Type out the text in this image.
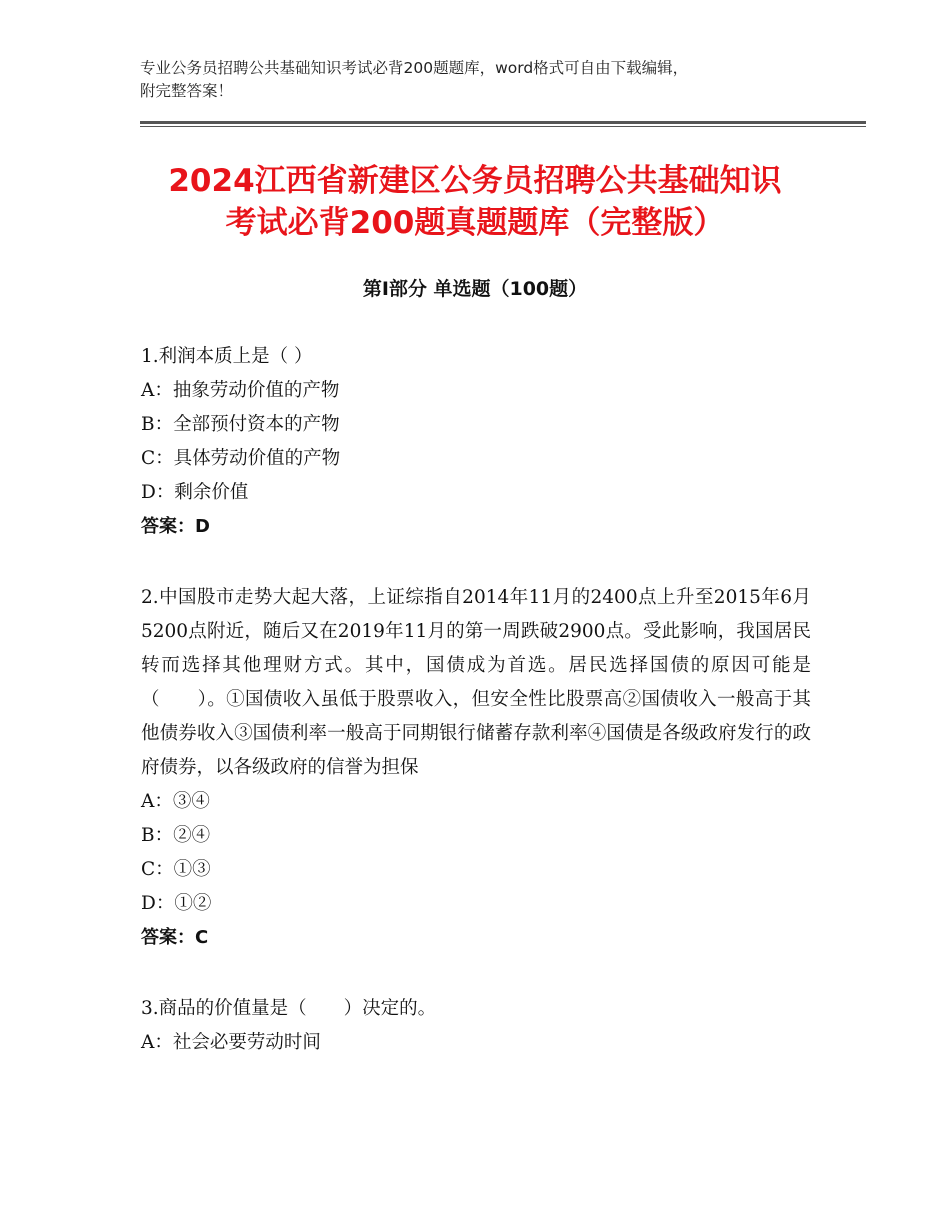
专业公务员招聘公共基础知识考试必背200题题库，word格式可自由下载编辑，
附完整答案！
2024江西省新建区公务员招聘公共基础知识
考试必背200题真题题库（完整版）
第Ⅰ部分 单选题（100题）
1.利润本质上是（ ）
A：抽象劳动价值的产物
B：全部预付资本的产物
C：具体劳动价值的产物
D：剩余价值
答案：D
2.中国股市走势大起大落，上证综指自2014年11月的2400点上升至2015年6月5200点附近，随后又在2019年11月的第一周跌破2900点。受此影响，我国居民转而选择其他理财方式。其中，国债成为首选。居民选择国债的原因可能是（　　）。①国债收入虽低于股票收入，但安全性比股票高②国债收入一般高于其他债券收入③国债利率一般高于同期银行储蓄存款利率④国债是各级政府发行的政府债券，以各级政府的信誉为担保
A：③④
B：②④
C：①③
D：①②
答案：C
3.商品的价值量是（　　）决定的。
A：社会必要劳动时间
